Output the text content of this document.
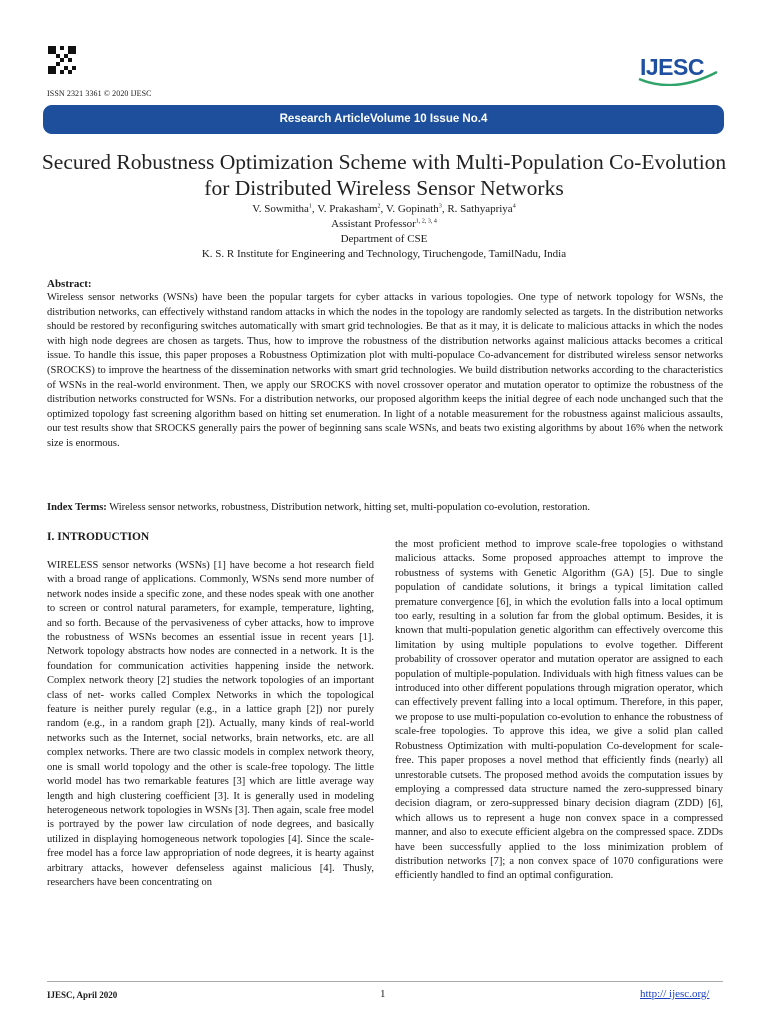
ISSN 2321 3361 © 2020 IJESC
IJESC
Research ArticleVolume 10 Issue No.4
Secured Robustness Optimization Scheme with Multi-Population Co-Evolution for Distributed Wireless Sensor Networks
V. Sowmitha$^1$, V. Prakasham$^2$, V. Gopinath$^3$, R. Sathyapriya$^4$
Assistant Professor$^{1, 2, 3, 4}$
Department of CSE
K. S. R Institute for Engineering and Technology, Tiruchengode, TamilNadu, India
Abstract:
Wireless sensor networks (WSNs) have been the popular targets for cyber attacks in various topologies. One type of network topology for WSNs, the distribution networks, can effectively withstand random attacks in which the nodes in the topology are randomly selected as targets. In the distribution networks should be restored by reconfiguring switches automatically with smart grid technologies. Be that as it may, it is delicate to malicious attacks in which the nodes with high node degrees are chosen as targets. Thus, how to improve the robustness of the distribution networks against malicious attacks becomes a critical issue. To handle this issue, this paper proposes a Robustness Optimization plot with multi-populace Co-advancement for distributed wireless sensor networks (SROCKS) to improve the heartness of the dissemination networks with smart grid technologies. We build distribution networks according to the characteristics of WSNs in the real-world environment. Then, we apply our SROCKS with novel crossover operator and mutation operator to optimize the robustness of the distribution networks constructed for WSNs. For a distribution networks, our proposed algorithm keeps the initial degree of each node unchanged such that the optimized topology fast screening algorithm based on hitting set enumeration. In light of a notable measurement for the robustness against malicious assaults, our test results show that SROCKS generally pairs the power of beginning sans scale WSNs, and beats two existing algorithms by about 16% when the network size is enormous.
Index Terms: Wireless sensor networks, robustness, Distribution network, hitting set, multi-population co-evolution, restoration.
I. INTRODUCTION
WIRELESS sensor networks (WSNs) [1] have become a hot research field with a broad range of applications. Commonly, WSNs send more number of network nodes inside a specific zone, and these nodes speak with one another to screen or control natural parameters, for example, temperature, lighting, and so forth. Because of the pervasiveness of cyber attacks, how to improve the robustness of WSNs becomes an essential issue in recent years [1]. Network topology abstracts how nodes are connected in a network. It is the foundation for communication activities happening inside the network. Complex network theory [2] studies the network topologies of an important class of net- works called Complex Networks in which the topological feature is neither purely regular (e.g., in a lattice graph [2]) nor purely random (e.g., in a random graph [2]). Actually, many kinds of real-world networks such as the Internet, social networks, brain networks, etc. are all complex networks. There are two classic models in complex network theory, one is small world topology and the other is scale-free topology. The little world model has two remarkable features [3] which are little average way length and high clustering coefficient [3]. It is generally used in modeling heterogeneous network topologies in WSNs [3]. Then again, scale free model is portrayed by the power law circulation of node degrees, and basically utilized in displaying homogeneous network topologies [4]. Since the scale-free model has a force law appropriation of node degrees, it is hearty against arbitrary attacks, however defenseless against malicious [4]. Thusly, researchers have been concentrating on
the most proficient method to improve scale-free topologies o withstand malicious attacks. Some proposed approaches attempt to improve the robustness of systems with Genetic Algorithm (GA) [5]. Due to single population of candidate solutions, it brings a typical limitation called premature convergence [6], in which the evolution falls into a local optimum too early, resulting in a solution far from the global optimum. Besides, it is known that multi-population genetic algorithm can effectively overcome this limitation by using multiple populations to evolve together. Different probability of crossover operator and mutation operator are assigned to each population of multiple-population. Individuals with high fitness values can be introduced into other different populations through migration operator, which can effectively prevent falling into a local optimum. Therefore, in this paper, we propose to use multi-population co-evolution to enhance the robustness of scale-free topologies. To approve this idea, we give a solid plan called Robustness Optimization with multi-population Co-development for scale-free. This paper proposes a novel method that efficiently finds (nearly) all unrestorable cutsets. The proposed method avoids the computation issues by employing a compressed data structure named the zero-suppressed binary decision diagram, or zero-suppressed binary decision diagram (ZDD) [6], which allows us to represent a huge non convex space in a compressed manner, and also to execute efficient algebra on the compressed space. ZDDs have been successfully applied to the loss minimization problem of distribution networks [7]; a non convex space of 1070 configurations were efficiently handled to find an optimal configuration.
IJESC, April 2020	1	http:// ijesc.org/
